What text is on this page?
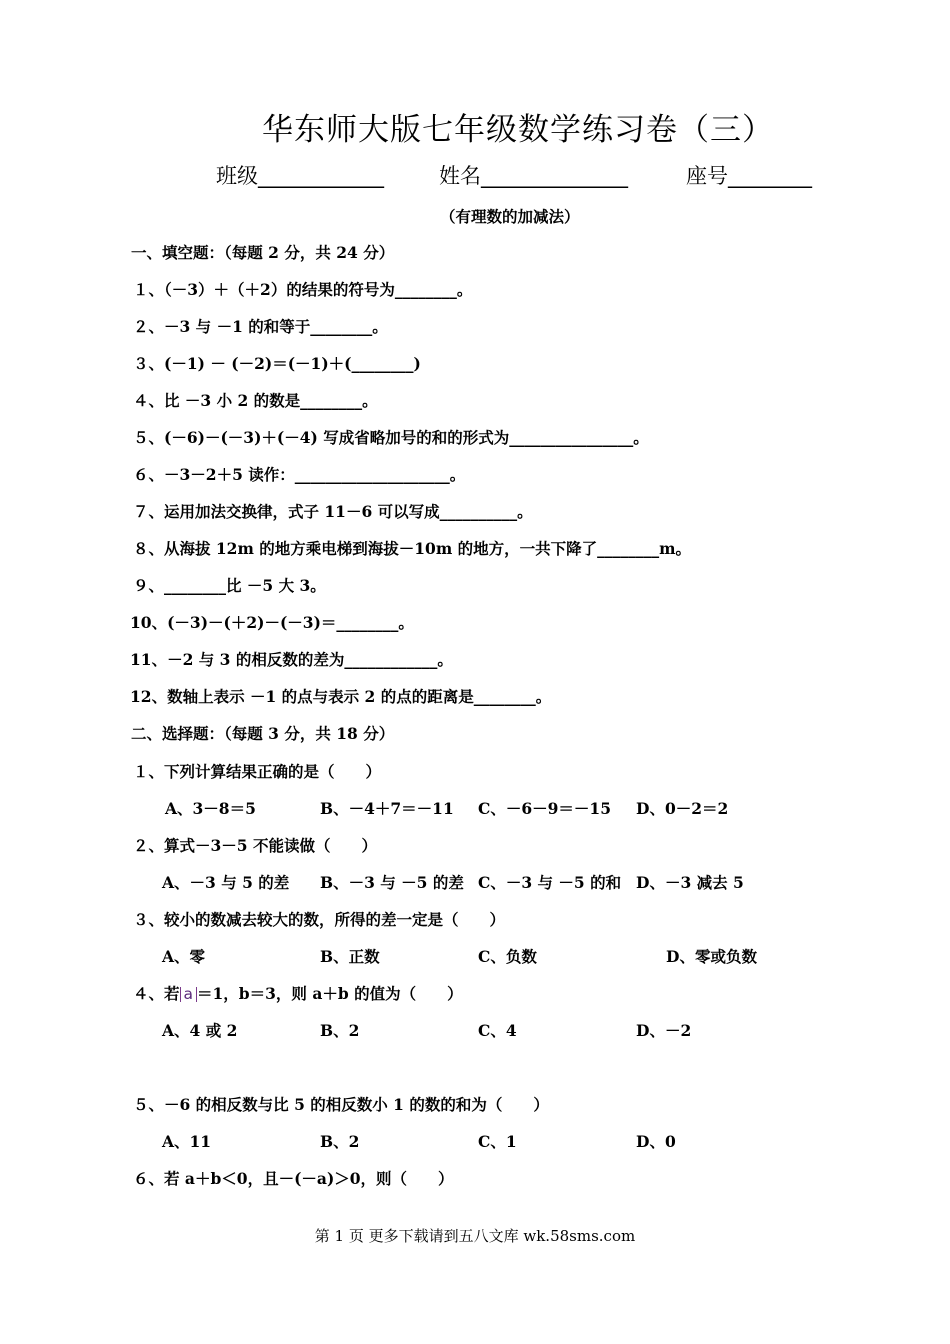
华东师大版七年级数学练习卷（三）
班级____________	姓名______________	座号________
（有理数的加减法）
一、填空题：（每题 2 分，共 24 分）
１、（－3）＋（＋2）的结果的符号为________。
２、－3 与 －1 的和等于________。
３、(－1) － (－2)＝(－1)＋(________)
４、比 －3 小 2 的数是________。
５、(－6)－(－3)＋(－4) 写成省略加号的和的形式为________________。
６、－3－2＋5 读作：____________________。
７、运用加法交换律，式子 11－6 可以写成__________。
８、从海拔 12m 的地方乘电梯到海拔－10m 的地方，一共下降了________m。
９、________比 －5 大 3。
10、(－3)－(＋2)－(－3)＝________。
11、－2 与 3 的相反数的差为____________。
12、数轴上表示 －1 的点与表示 2 的点的距离是________。
二、选择题：（每题 3 分，共 18 分）
１、下列计算结果正确的是（　　）
A、3－8＝5	B、－4＋7＝－11 C、－6－9＝－15 D、0－2＝2
２、算式－3－5 不能读做（　　）
A、－3 与 5 的差 B、－3 与 －5 的差 C、－3 与 －5 的和 D、－3 减去 5
３、较小的数减去较大的数，所得的差一定是（　　）
A、零	B、正数	C、负数	D、零或负数
４、若 a ＝1，b＝3，则 a＋b 的值为（　　）
A、4 或 2	B、2	C、4	D、－2
５、－6 的相反数与比 5 的相反数小 1 的数的和为（　　）
A、11	B、2	C、1	D、0
６、若 a＋b＜0，且－(－a)＞0，则（　　）
第 1 页 更多下载请到五八文库 wk.58sms.com
